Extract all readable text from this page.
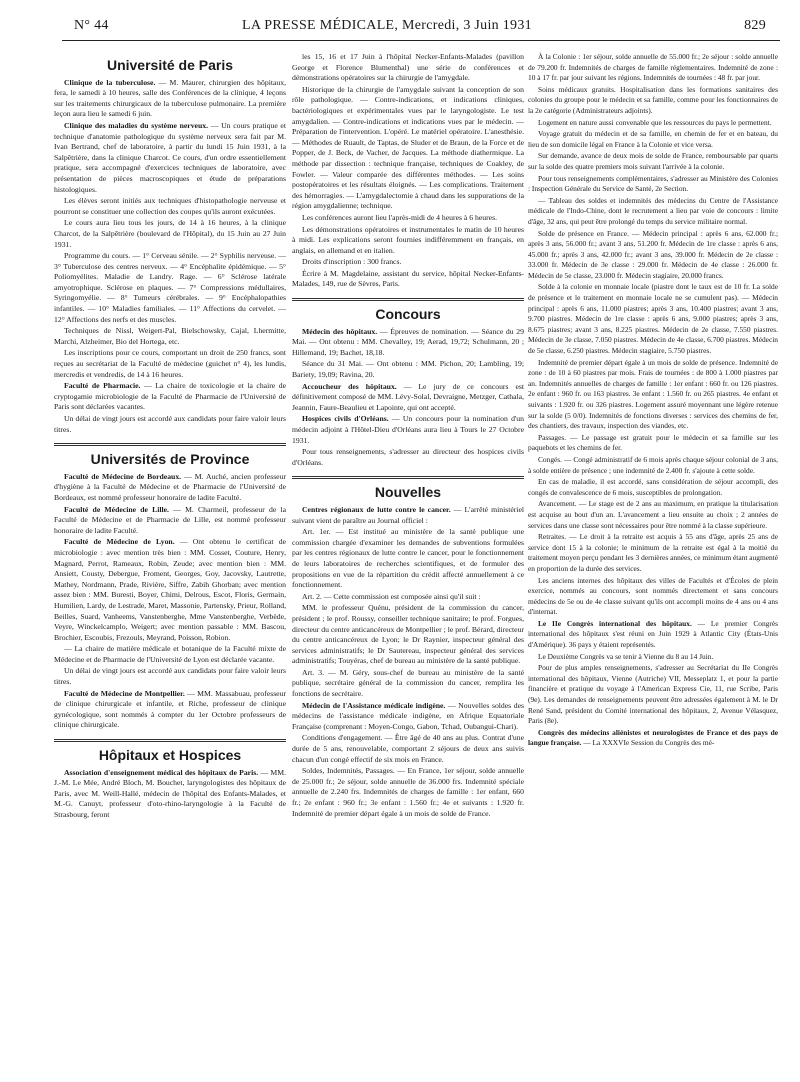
N° 44	LA PRESSE MÉDICALE, Mercredi, 3 Juin 1931	829
Université de Paris

Clinique de la tuberculose. — M. Maurer, chirurgien des hôpitaux, fera, le samedi à 10 heures, salle des Conférences de la clinique, 4 leçons sur les traitements chirurgicaux de la tuberculose pulmonaire. La première leçon aura lieu le samedi 6 juin.

Clinique des maladies du système nerveux. — Un cours pratique et technique d'anatomie pathologique du système nerveux sera fait par M. Ivan Bertrand, chef de laboratoire, à partir du lundi 15 Juin 1931, à la Salpêtrière, dans la clinique Charcot. Ce cours, d'un ordre essentiellement pratique, sera accompagné d'exercices techniques de laboratoire, avec présentation de pièces macroscopiques et étude de préparations histologiques.

Les élèves seront initiés aux techniques d'histopathologie nerveuse et pourront se constituer une collection des coupes qu'ils auront exécutées.

Le cours aura lieu tous les jours, de 14 à 16 heures, à la clinique Charcot, de la Salpêtrière (boulevard de l'Hôpital), du 15 Juin au 27 Juin 1931.

Programme du cours. — 1° Cerveau sénile. — 2° Syphilis nerveuse. — 3° Tuberculose des centres nerveux. — 4° Encéphalite épidémique. — 5° Poliomyélites. Maladie de Landry. Rage. — 6° Sclérose latérale amyotrophique. Sclérose en plaques. — 7° Compressions médullaires, Syringomyélie. — 8° Tumeurs cérébrales. — 9° Encéphalopathies infantiles. — 10° Maladies familiales. — 11° Affections du cervelet. — 12° Affections des nerfs et des muscles.

Techniques de Nissl, Weigert-Pal, Bielschowsky, Cajal, Lhermitte, Marchi, Alzheimer, Bio del Hortega, etc.

Les inscriptions pour ce cours, comportant un droit de 250 francs, sont reçues au secrétariat de la Faculté de médecine (guichet n° 4), les lundis, mercredis et vendredis, de 14 à 16 heures.

Faculté de Pharmacie. — La chaire de toxicologie et la chaire de cryptogamie microbiologie de la Faculté de Pharmacie de l'Université de Paris sont déclarées vacantes.

Un délai de vingt jours est accordé aux candidats pour faire valoir leurs titres.

Universités de Province

Faculté de Médecine de Bordeaux. — M. Auché, ancien professeur d'hygiène à la Faculté de Médecine et de Pharmacie de l'Université de Bordeaux, est nommé professeur honoraire de ladite Faculté.

Faculté de Médecine de Lille. — M. Charmeil, professeur de la Faculté de Médecine et de Pharmacie de Lille, est nommé professeur honoraire de ladite Faculté.

Faculté de Médecine de Lyon. — Ont obtenu le certificat de microbiologie : avec mention très bien : MM. Cosset, Couture, Henry, Magnard, Perrot, Rameaux, Robin, Zeude; avec mention bien : MM. Ansiett, Cousty, Debergue, Froment, Georges, Goy, Jacovsky, Lautrette, Mathey, Nordmann, Prade, Rivière, Siffre, Zabih Ghorban; avec mention assez bien : MM. Buresti, Boyer, Chimi, Delrous, Escot, Floris, Germain, Humilien, Lardy, de Lestrade, Maret, Massonie, Partensky, Prieur, Rolland, Beilles, Suard, Vanheems, Vanstenberghe, Mme Vanstenberghe, Verbède, Veyre, Winckelcamplo, Weigert; avec mention passable : MM. Bascou, Brochier, Escoubis, Frezouls, Meyrand, Poisson, Robion.

— La chaire de matière médicale et botanique de la Faculté mixte de Médecine et de Pharmacie de l'Université de Lyon est déclarée vacante.

Un délai de vingt jours est accordé aux candidats pour faire valoir leurs titres.

Faculté de Médecine de Montpellier. — MM. Massabuau, professeur de clinique chirurgicale et infantile, et Riche, professeur de clinique gynécologique, sont nommés à compter du 1er Octobre professeurs de clinique chirurgicale.

Hôpitaux et Hospices

Association d'enseignement médical des hôpitaux de Paris. — MM. J.-M. Le Mée, André Bloch, M. Bouchet, laryngologistes des hôpitaux de Paris, avec M. Weill-Hallé, médecin de l'hôpital des Enfants-Malades, et M.-G. Canuyt, professeur d'oto-rhino-laryngologie à la Faculté de Strasbourg, feront

les 15, 16 et 17 Juin à l'hôpital Necker-Enfants-Malades (pavillon George et Florence Blumenthal) une série de conférences et démonstrations opératoires sur la chirurgie de l'amygdale.

Historique de la chirurgie de l'amygdale suivant la conception de son rôle pathologique. — Contre-indications, et indications cliniques, bactériologiques et expérimentales vues par le laryngologiste. Le test amygdalien. — Contre-indications et indications vues par le médecin. — Préparation de l'intervention. L'opéré. Le matériel opératoire. L'anesthésie. — Méthodes de Ruault, de Taptas, de Sluder et de Braun, de la Force et de Popper, de J. Beck, de Vacher, de Jacques. La méthode diathermique. La méthode par dissection : technique française, techniques de Coakley, de Fowler. — Valeur comparée des différentes méthodes. — Les soins postopératoires et les résultats éloignés. — Les complications. Traitement des hémorragies. — L'amygdalectomie à chaud dans les suppurations de la région amygdalienne; technique.

Les conférences auront lieu l'après-midi de 4 heures à 6 heures.

Les démonstrations opératoires et instrumentales le matin de 10 heures à midi. Les explications seront fournies indifféremment en français, en anglais, en allemand et en italien.

Droits d'inscription : 300 francs.

Écrire à M. Magdelaine, assistant du service, hôpital Necker-Enfants-Malades, 149, rue de Sèvres, Paris.

Concours

Médecin des hôpitaux. — Épreuves de nomination. — Séance du 29 Mai. — Ont obtenu : MM. Chevalley, 19; Aerad, 19,72; Schulmann, 20 ; Hillemand, 19; Bachet, 18,18.

Séance du 31 Mai. — Ont obtenu : MM. Pichon, 20; Lambling, 19; Bariety, 19,09; Ravina, 20.

Accoucheur des hôpitaux. — Le jury de ce concours est définitivement composé de MM. Lévy-Solal, Devraigne, Metzger, Cathala, Jeannin, Faure-Beaulieu et Lapointe, qui ont accepté.

Hospices civils d'Orléans. — Un concours pour la nomination d'un médecin adjoint à l'Hôtel-Dieu d'Orléans aura lieu à Tours le 27 Octobre 1931.

Pour tous renseignements, s'adresser au directeur des hospices civils d'Orléans.

Nouvelles

Centres régionaux de lutte contre le cancer. — L'arrêté ministériel suivant vient de paraître au Journal officiel :

Art. 1er. — Est institué au ministère de la santé publique une commission chargée d'examiner les demandes de subventions formulées par les centres régionaux de lutte contre le cancer, pour le fonctionnement de leurs laboratoires de recherches scientifiques, et de formuler des propositions en vue de la répartition du crédit affecté annuellement à ce fonctionnement.

Art. 2. — Cette commission est composée ainsi qu'il suit :

MM. le professeur Quénu, président de la commission du cancer, président ; le prof. Roussy, conseiller technique sanitaire; le prof. Forgues, directeur du centre anticancéreux de Montpellier ; le prof. Bérard, directeur du centre anticancéreux de Lyon; le Dr Raynier, inspecteur général des services administratifs; le Dr Sautereau, inspecteur général des services administratifs; Touyéras, chef de bureau au ministère de la santé publique.

Art. 3. — M. Géry, sous-chef de bureau au ministère de la santé publique, secrétaire général de la commission du cancer, remplira les fonctions de secrétaire.

Médecin de l'Assistance médicale indigène. — Nouvelles soldes des médecins de l'assistance médicale indigène, en Afrique Equatoriale Française (comprenant : Moyen-Congo, Gabon, Tchad, Oubangui-Chari).

Conditions d'engagement. — Être âgé de 40 ans au plus. Contrat d'une durée de 5 ans, renouvelable, comportant 2 séjours de deux ans suivis chacun d'un congé effectif de six mois en France.

Soldes, Indemnités, Passages. — En France, 1er séjour, solde annuelle de 25.000 fr.; 2e séjour, solde annuelle de 36.000 frs. Indemnité spéciale annuelle de 2.240 frs. Indemnités de charges de famille : 1er enfant, 660 fr.; 2e enfant : 960 fr.; 3e enfant : 1.560 fr.; 4e et suivants : 1.920 fr. Indemnité de premier départ égale à un mois de solde de France.

À la Colonie : 1er séjour, solde annuelle de 55.000 fr.; 2e séjour : solde annuelle de 79.200 fr. Indemnités de charges de famille réglementaires. Indemnité de zone : 10 à 17 fr. par jour suivant les régions. Indemnités de tournées : 48 fr. par jour.

Soins médicaux gratuits. Hospitalisation dans les formations sanitaires des colonies du groupe pour le médecin et sa famille, comme pour les fonctionnaires de la 2e catégorie (Administrateurs adjoints).

Logement en nature aussi convenable que les ressources du pays le permettent.

Voyage gratuit du médecin et de sa famille, en chemin de fer et en bateau, du lieu de son domicile légal en France à la Colonie et vice versa.

Sur demande, avance de deux mois de solde de France, remboursable par quarts sur la solde des quatre premiers mois suivant l'arrivée à la colonie.

Pour tous renseignements complémentaires, s'adresser au Ministère des Colonies : Inspection Générale du Service de Santé, 2e Section.

— Tableau des soldes et indemnités des médecins du Centre de l'Assistance médicale de l'Indo-Chine, dont le recrutement a lieu par voie de concours : limite d'âge, 32 ans, qui peut être prolongé du temps du service militaire normal.

Solde de présence en France. — Médecin principal : après 6 ans, 62.000 fr.; après 3 ans, 56.000 fr.; avant 3 ans, 51.200 fr. Médecin de 1re classe : après 6 ans, 45.000 fr.; après 3 ans, 42.000 fr.; avant 3 ans, 39.000 fr. Médecin de 2e classe : 33.000 fr. Médecin de 3e classe : 29.000 fr. Médecin de 4e classe : 26.000 fr. Médecin de 5e classe, 23.000 fr. Médecin stagiaire, 20.000 francs.

Solde à la colonie en monnaie locale (piastre dont le taux est de 10 fr. La solde de présence et le traitement en monnaie locale ne se cumulent pas). — Médecin principal : après 6 ans, 11.000 piastres; après 3 ans, 10.400 piastres; avant 3 ans, 9.700 piastres. Médecin de 1re classe : après 6 ans, 9.000 piastres; après 3 ans, 8.675 piastres; avant 3 ans, 8.225 piastres. Médecin de 2e classe, 7.550 piastres. Médecin de 3e classe, 7.050 piastres. Médecin de 4e classe, 6.700 piastres. Médecin de 5e classe, 6.250 piastres. Médecin stagiaire, 5.750 piastres.

Indemnité de premier départ égale à un mois de solde de présence. Indemnité de zone : de 10 à 60 piastres par mois. Frais de tournées : de 800 à 1.000 piastres par an. Indemnités annuelles de charges de famille : 1er enfant : 660 fr. ou 126 piastres. 2e enfant : 960 fr. ou 163 piastres. 3e enfant : 1.560 fr. ou 265 piastres. 4e enfant et suivants : 1.920 fr. ou 326 piastres. Logement assuré moyennant une légère retenue sur la solde (5 0/0). Indemnités de fonctions diverses : services des chemins de fer, des chantiers, des travaux, inspection des viandes, etc.

Passages. — Le passage est gratuit pour le médecin et sa famille sur les paquebots et les chemins de fer.

Congés. — Congé administratif de 6 mois après chaque séjour colonial de 3 ans, à solde entière de présence ; une indemnité de 2.400 fr. s'ajoute à cette solde.

En cas de maladie, il est accordé, sans considération de séjour accompli, des congés de convalescence de 6 mois, susceptibles de prolongation.

Avancement. — Le stage est de 2 ans au maximum, en pratique la titularisation est acquise au bout d'un an. L'avancement a lieu ensuite au choix ; 2 années de services dans une classe sont nécessaires pour être nommé à la classe supérieure.

Retraites. — Le droit à la retraite est acquis à 55 ans d'âge, après 25 ans de service dont 15 à la colonie; le minimum de la retraite est égal à la moitié du traitement moyen perçu pendant les 3 dernières années, ce minimum étant augmenté en proportion de la durée des services.

Les anciens internes des hôpitaux des villes de Facultés et d'Écoles de plein exercice, nommés au concours, sont nommés directement et sans concours médecins de 5e ou de 4e classe suivant qu'ils ont accompli moins de 4 ans ou 4 ans d'internat.

Le IIe Congrès international des hôpitaux. — Le premier Congrès international des hôpitaux s'est réuni en Juin 1929 à Atlantic City (États-Unis d'Amérique). 36 pays y étaient représentés.

Le Deuxième Congrès va se tenir à Vienne du 8 au 14 Juin.

Pour de plus amples renseignements, s'adresser au Secrétariat du IIe Congrès international des hôpitaux, Vienne (Autriche) VII, Messeplatz 1, et pour la partie financière et pratique du voyage à l'American Express Cie, 11, rue Scribe, Paris (9e). Les demandes de renseignements peuvent être adressées également à M. le Dr René Sand, président du Comité international des hôpitaux, 2, Avenue Vélasquez, Paris (8e).

Congrès des médecins aliénistes et neurologistes de France et des pays de langue française. — La XXXVIe Session du Congrès des mé-
